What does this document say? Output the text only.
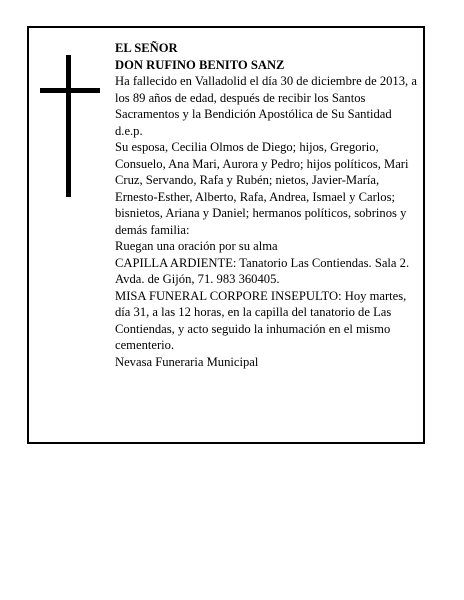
EL SEÑOR

DON RUFINO BENITO SANZ

Ha fallecido en Valladolid el día 30 de diciembre de 2013, a los 89 años de edad, después de recibir los Santos Sacramentos y la Bendición Apostólica de Su Santidad

d.e.p.

Su esposa, Cecilia Olmos de Diego; hijos, Gregorio, Consuelo, Ana Mari, Aurora y Pedro; hijos políticos, Mari Cruz, Servando, Rafa y Rubén; nietos, Javier-María, Ernesto-Esther, Alberto, Rafa, Andrea, Ismael y Carlos; bisnietos, Ariana y Daniel; hermanos políticos, sobrinos y demás familia:

Ruegan una oración por su alma

CAPILLA ARDIENTE: Tanatorio Las Contiendas. Sala 2. Avda. de Gijón, 71. 983 360405.

MISA FUNERAL CORPORE INSEPULTO: Hoy martes, día 31, a las 12 horas, en la capilla del tanatorio de Las Contiendas, y acto seguido la inhumación en el mismo cementerio.

Nevasa Funeraria Municipal
